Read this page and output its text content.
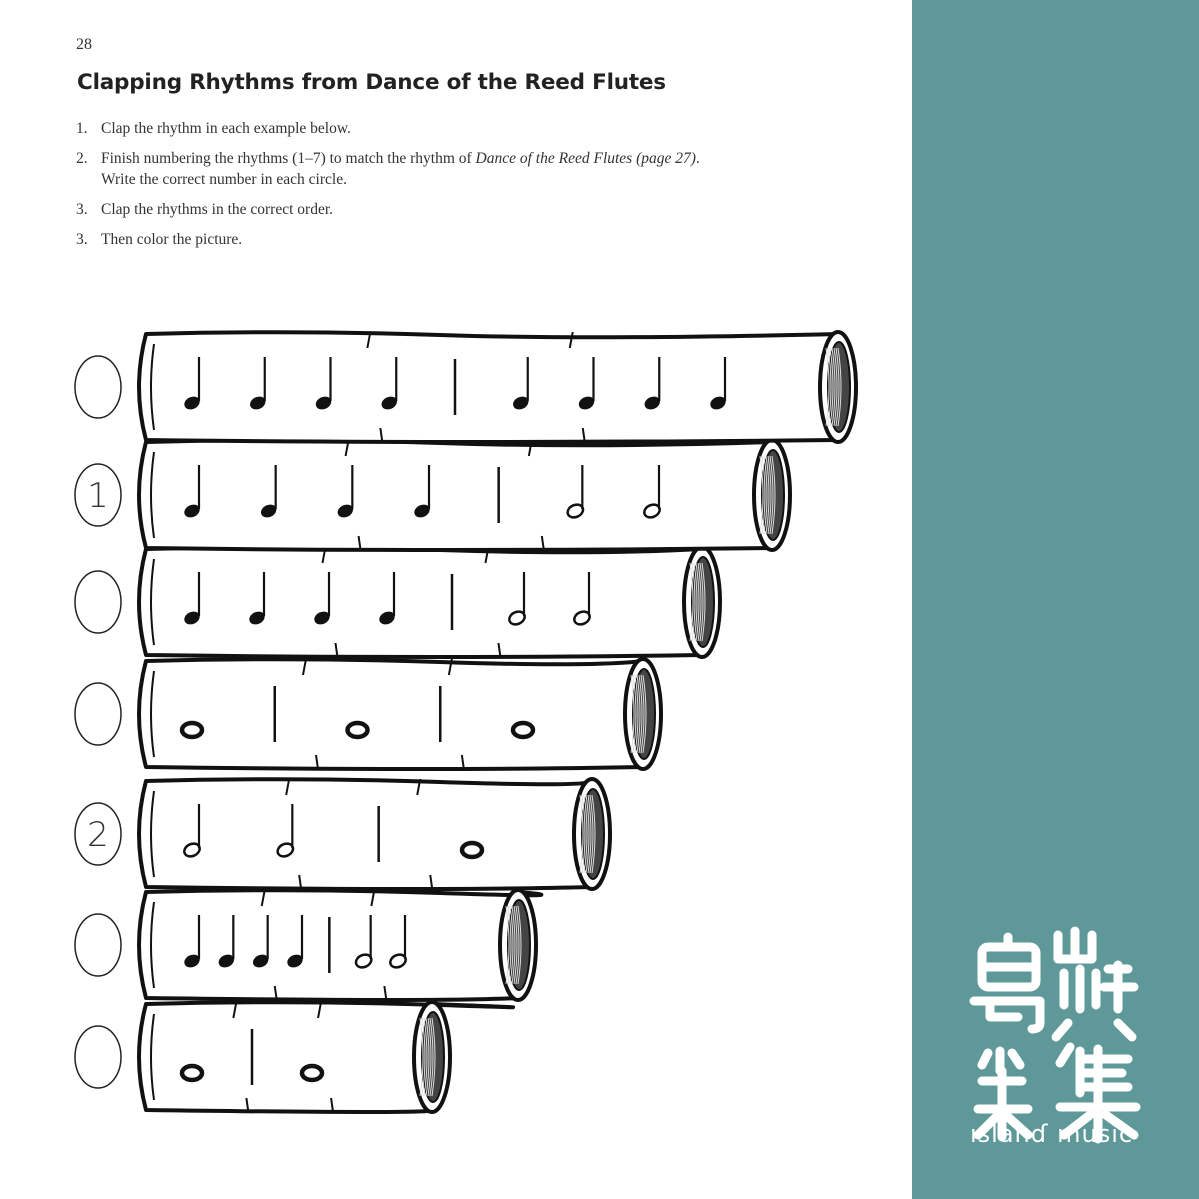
28
Clapping Rhythms from Dance of the Reed Flutes
1. Clap the rhythm in each example below.
2. Finish numbering the rhythms (1–7) to match the rhythm of Dance of the Reed Flutes (page 27).
Write the correct number in each circle.
3. Clap the rhythms in the correct order.
3. Then color the picture.
2
1
ıslanɗ music
